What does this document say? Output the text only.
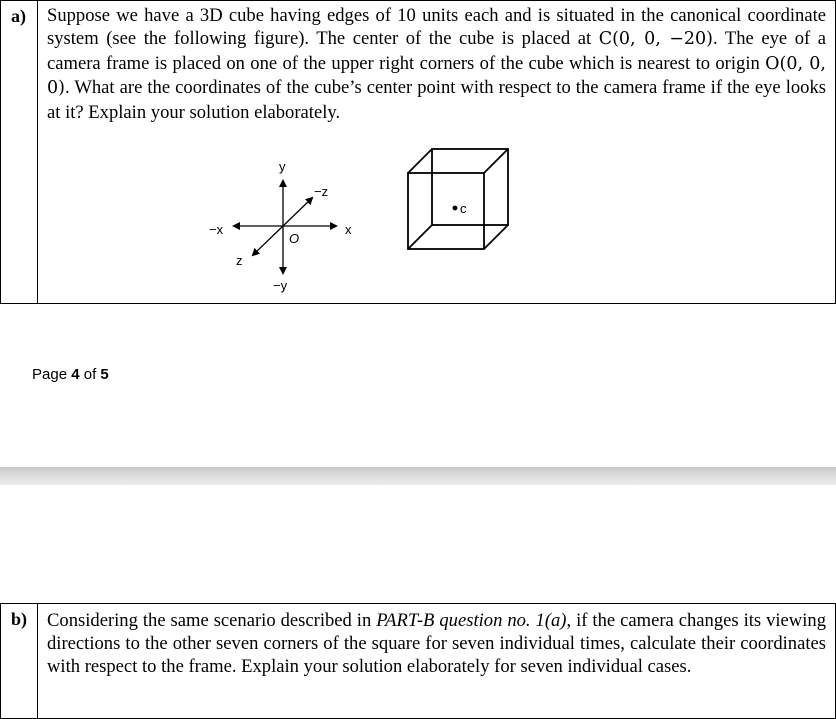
a) Suppose we have a 3D cube having edges of 10 units each and is situated in the canonical coordinate system (see the following figure). The center of the cube is placed at C(0, 0, −20). The eye of a camera frame is placed on one of the upper right corners of the cube which is nearest to origin O(0, 0, 0). What are the coordinates of the cube’s center point with respect to the camera frame if the eye looks at it? Explain your solution elaborately.
y
−y
x
−x
−z
z
O
c
Page 4 of 5
b) Considering the same scenario described in PART-B question no. 1(a), if the camera changes its viewing directions to the other seven corners of the square for seven individual times, calculate their coordinates with respect to the frame. Explain your solution elaborately for seven individual cases.
